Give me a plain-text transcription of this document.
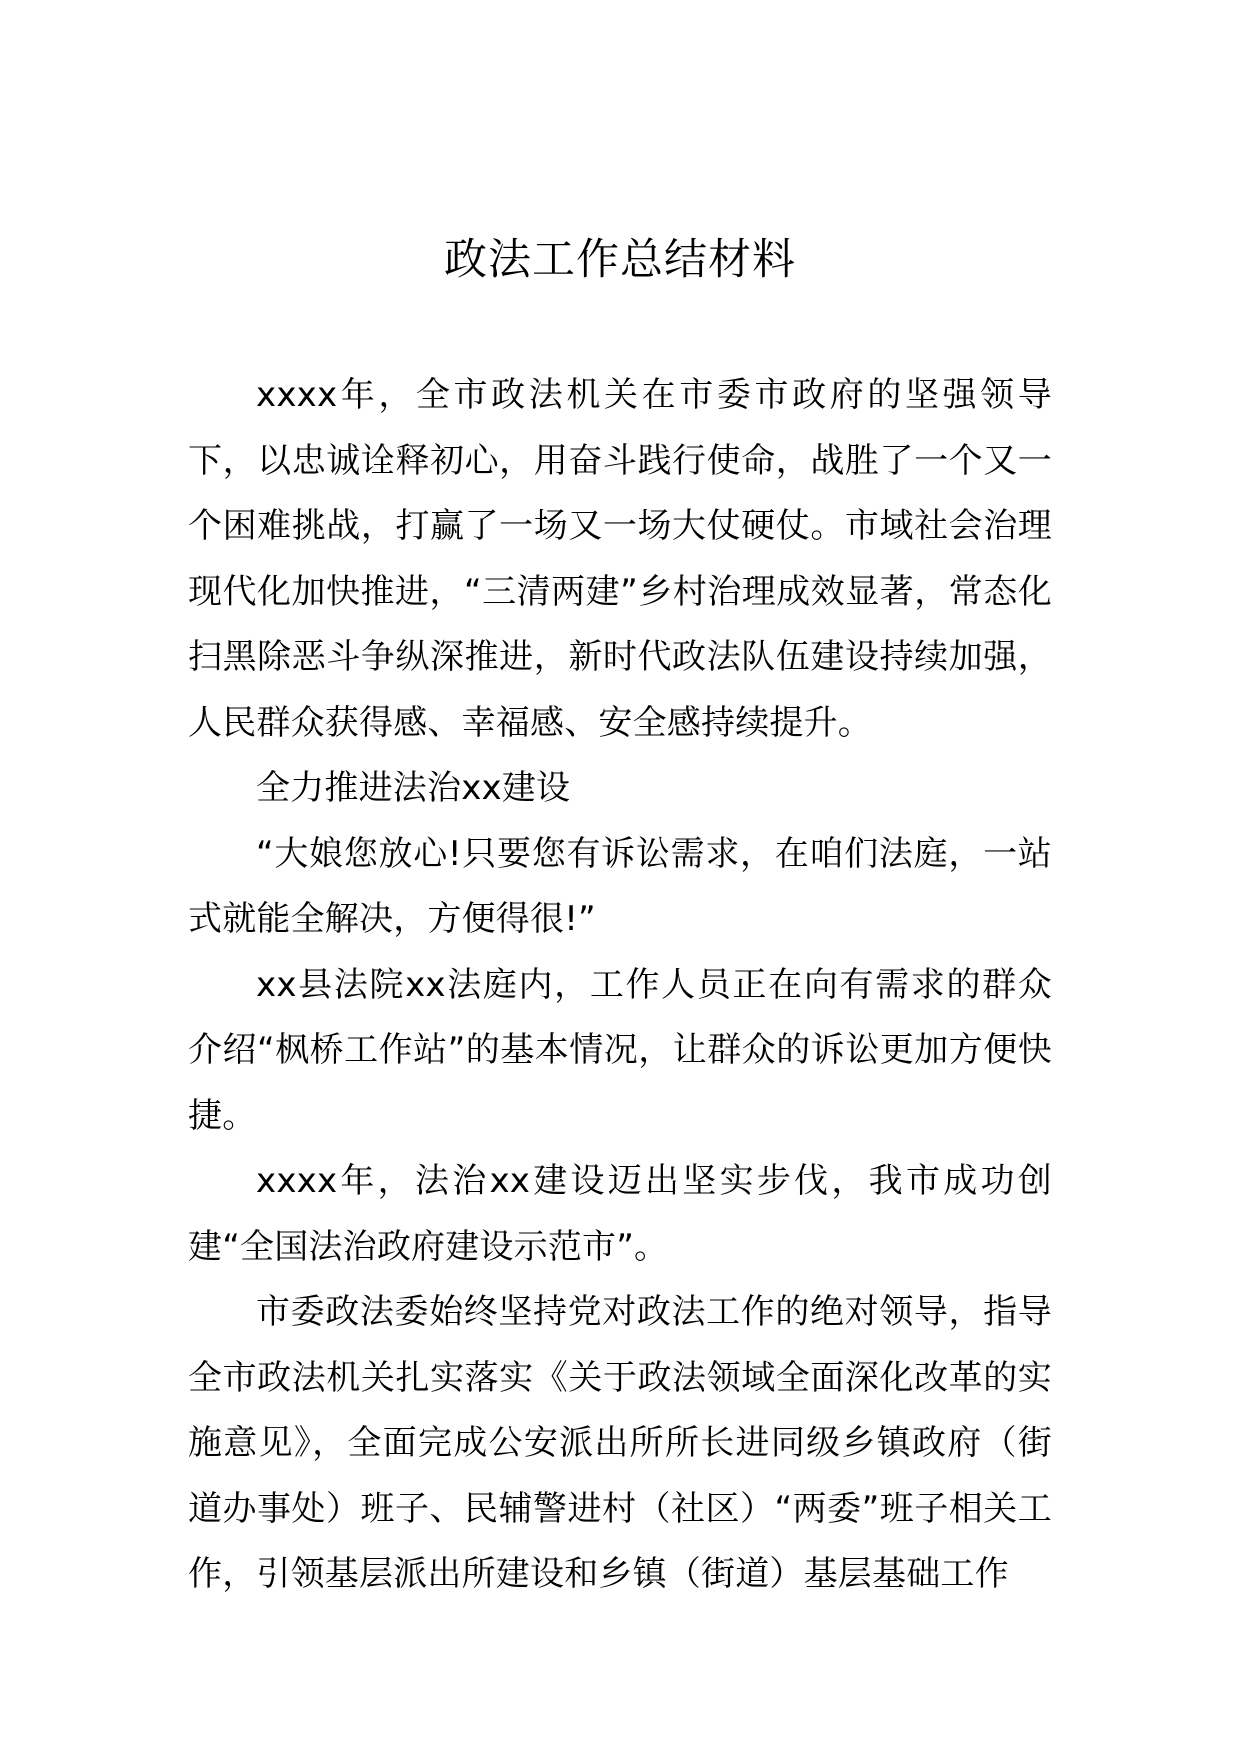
政法工作总结材料

xxxx年，全市政法机关在市委市政府的坚强领导下，以忠诚诠释初心，用奋斗践行使命，战胜了一个又一个困难挑战，打赢了一场又一场大仗硬仗。市域社会治理现代化加快推进，“三清两建”乡村治理成效显著，常态化扫黑除恶斗争纵深推进，新时代政法队伍建设持续加强，人民群众获得感、幸福感、安全感持续提升。

全力推进法治xx建设

“大娘您放心!只要您有诉讼需求，在咱们法庭，一站式就能全解决，方便得很!”

xx县法院xx法庭内，工作人员正在向有需求的群众介绍“枫桥工作站”的基本情况，让群众的诉讼更加方便快捷。

xxxx年，法治xx建设迈出坚实步伐，我市成功创建“全国法治政府建设示范市”。

市委政法委始终坚持党对政法工作的绝对领导，指导全市政法机关扎实落实《关于政法领域全面深化改革的实施意见》，全面完成公安派出所所长进同级乡镇政府（街道办事处）班子、民辅警进村（社区）“两委”班子相关工作，引领基层派出所建设和乡镇（街道）基层基础工作
